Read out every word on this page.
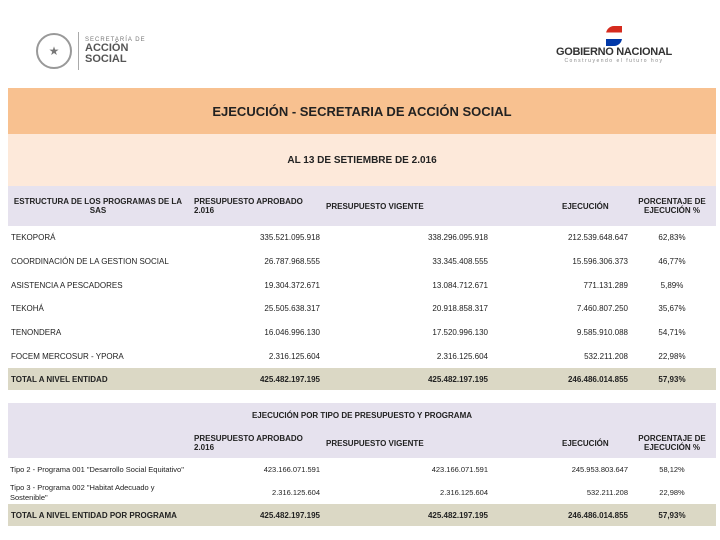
★
SECRETARÍA DE
ACCIÓN
SOCIAL
GOBIERNO NACIONAL
Construyendo el futuro hoy
EJECUCIÓN - SECRETARIA DE ACCIÓN SOCIAL
AL 13 DE SETIEMBRE DE 2.016
ESTRUCTURA DE LOS PROGRAMAS DE LA SAS
PRESUPUESTO APROBADO 2.016	PRESUPUESTO VIGENTE	EJECUCIÓN	PORCENTAJE DE EJECUCIÓN %
TEKOPORÁ	335.521.095.918	338.296.095.918	212.539.648.647	62,83%
COORDINACIÓN DE LA GESTION SOCIAL	26.787.968.555	33.345.408.555	15.596.306.373	46,77%
ASISTENCIA A PESCADORES	19.304.372.671	13.084.712.671	771.131.289	5,89%
TEKOHÁ	25.505.638.317	20.918.858.317	7.460.807.250	35,67%
TENONDERA	16.046.996.130	17.520.996.130	9.585.910.088	54,71%
FOCEM MERCOSUR - YPORA	2.316.125.604	2.316.125.604	532.211.208	22,98%
TOTAL A NIVEL ENTIDAD	425.482.197.195	425.482.197.195	246.486.014.855	57,93%
EJECUCIÓN POR TIPO DE PRESUPUESTO Y PROGRAMA
PRESUPUESTO APROBADO 2.016	PRESUPUESTO VIGENTE	EJECUCIÓN	PORCENTAJE DE EJECUCIÓN %
Tipo 2 - Programa 001 "Desarrollo Social Equitativo"	423.166.071.591	423.166.071.591	245.953.803.647	58,12%
Tipo 3 - Programa 002 "Habitat Adecuado y Sostenible"	2.316.125.604	2.316.125.604	532.211.208	22,98%
TOTAL A NIVEL ENTIDAD POR PROGRAMA	425.482.197.195	425.482.197.195	246.486.014.855	57,93%
